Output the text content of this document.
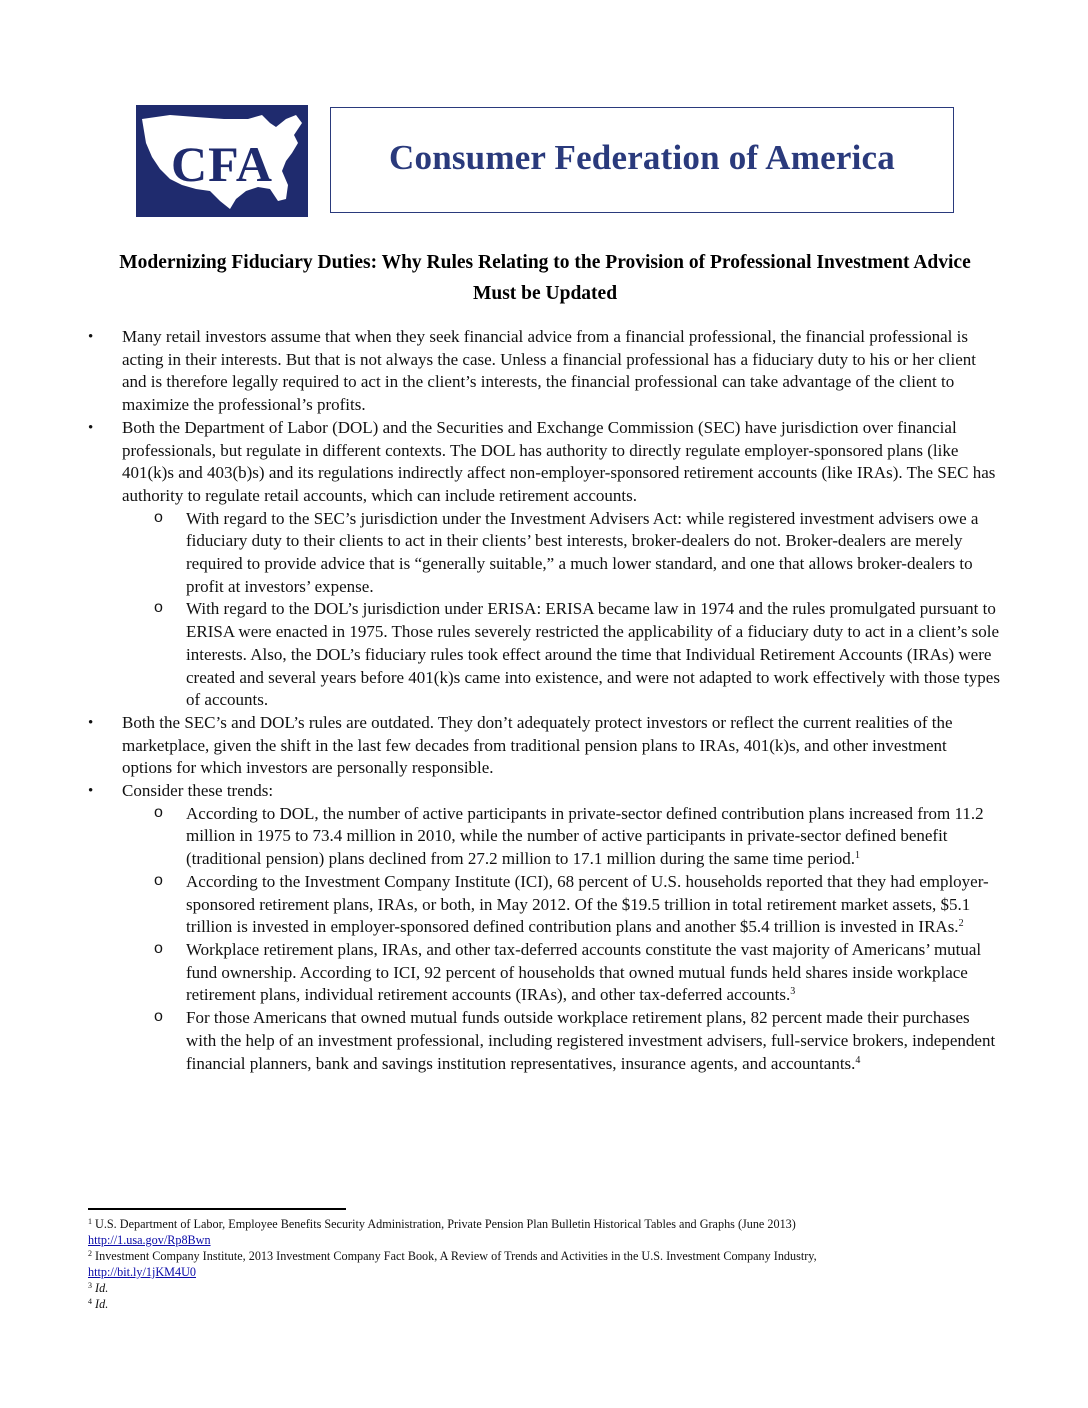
CFA	Consumer Federation of America
Modernizing Fiduciary Duties: Why Rules Relating to the Provision of Professional Investment Advice Must be Updated
• Many retail investors assume that when they seek financial advice from a financial professional, the financial professional is acting in their interests. But that is not always the case. Unless a financial professional has a fiduciary duty to his or her client and is therefore legally required to act in the client’s interests, the financial professional can take advantage of the client to maximize the professional’s profits.
• Both the Department of Labor (DOL) and the Securities and Exchange Commission (SEC) have jurisdiction over financial professionals, but regulate in different contexts. The DOL has authority to directly regulate employer-sponsored plans (like 401(k)s and 403(b)s) and its regulations indirectly affect non-employer-sponsored retirement accounts (like IRAs). The SEC has authority to regulate retail accounts, which can include retirement accounts.
o With regard to the SEC’s jurisdiction under the Investment Advisers Act: while registered investment advisers owe a fiduciary duty to their clients to act in their clients’ best interests, broker-dealers do not. Broker-dealers are merely required to provide advice that is “generally suitable,” a much lower standard, and one that allows broker-dealers to profit at investors’ expense.
o With regard to the DOL’s jurisdiction under ERISA: ERISA became law in 1974 and the rules promulgated pursuant to ERISA were enacted in 1975. Those rules severely restricted the applicability of a fiduciary duty to act in a client’s sole interests. Also, the DOL’s fiduciary rules took effect around the time that Individual Retirement Accounts (IRAs) were created and several years before 401(k)s came into existence, and were not adapted to work effectively with those types of accounts.
• Both the SEC’s and DOL’s rules are outdated. They don’t adequately protect investors or reflect the current realities of the marketplace, given the shift in the last few decades from traditional pension plans to IRAs, 401(k)s, and other investment options for which investors are personally responsible.
• Consider these trends:
o According to DOL, the number of active participants in private-sector defined contribution plans increased from 11.2 million in 1975 to 73.4 million in 2010, while the number of active participants in private-sector defined benefit (traditional pension) plans declined from 27.2 million to 17.1 million during the same time period.$^1$
o According to the Investment Company Institute (ICI), 68 percent of U.S. households reported that they had employer-sponsored retirement plans, IRAs, or both, in May 2012. Of the $19.5 trillion in total retirement market assets, $5.1 trillion is invested in employer-sponsored defined contribution plans and another $5.4 trillion is invested in IRAs.$^2$
o Workplace retirement plans, IRAs, and other tax-deferred accounts constitute the vast majority of Americans’ mutual fund ownership. According to ICI, 92 percent of households that owned mutual funds held shares inside workplace retirement plans, individual retirement accounts (IRAs), and other tax-deferred accounts.$^3$
o For those Americans that owned mutual funds outside workplace retirement plans, 82 percent made their purchases with the help of an investment professional, including registered investment advisers, full-service brokers, independent financial planners, bank and savings institution representatives, insurance agents, and accountants.$^4$
$^1$ U.S. Department of Labor, Employee Benefits Security Administration, Private Pension Plan Bulletin Historical Tables and Graphs (June 2013)
http://1.usa.gov/Rp8Bwn
$^2$ Investment Company Institute, 2013 Investment Company Fact Book, A Review of Trends and Activities in the U.S. Investment Company Industry,
http://bit.ly/1jKM4U0
$^3$ Id.
$^4$ Id.
